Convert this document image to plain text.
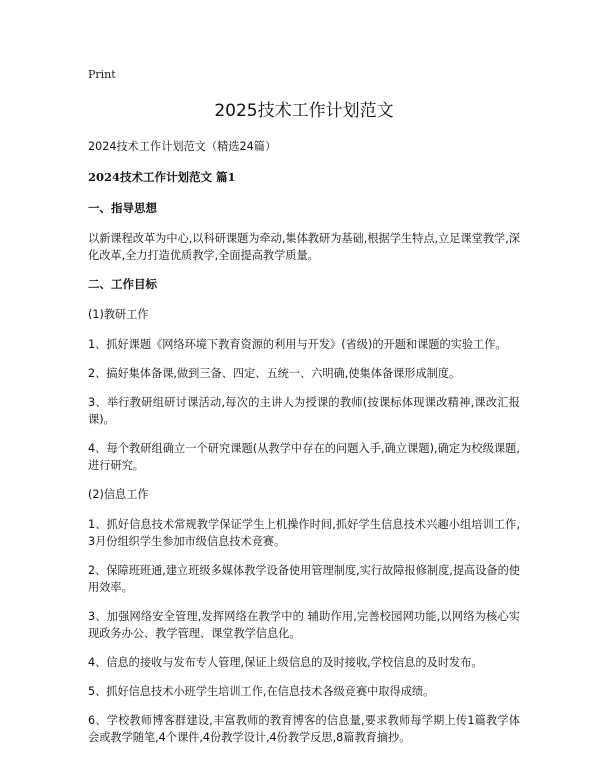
Print
2025技术工作计划范文

2024技术工作计划范文（精选24篇）

2024技术工作计划范文 篇1

一、指导思想

以新课程改革为中心,以科研课题为牵动,集体教研为基础,根据学生特点,立足课堂教学,深化改革,全力打造优质教学,全面提高教学质量。

二、工作目标

(1)教研工作

1、抓好课题《网络环境下教育资源的利用与开发》(省级)的开题和课题的实验工作。

2、搞好集体备课,做到三备、四定、五统一、六明确,使集体备课形成制度。

3、举行教研组研讨课活动,每次的主讲人为授课的教师(按课标体现课改精神,课改汇报课)。

4、每个教研组确立一个研究课题(从教学中存在的问题入手,确立课题),确定为校级课题,进行研究。

(2)信息工作

1、抓好信息技术常规教学保证学生上机操作时间,抓好学生信息技术兴趣小组培训工作,3月份组织学生参加市级信息技术竞赛。

2、保障班班通,建立班级多媒体教学设备使用管理制度,实行故障报修制度,提高设备的使用效率。

3、加强网络安全管理,发挥网络在教学中的 辅助作用,完善校园网功能,以网络为核心实现政务办公、教学管理、课堂教学信息化。

4、信息的接收与发布专人管理,保证上级信息的及时接收,学校信息的及时发布。

5、抓好信息技术小班学生培训工作,在信息技术各级竞赛中取得成绩。

6、学校教师博客群建设,丰富教师的教育博客的信息量,要求教师每学期上传1篇教学体会或教学随笔,4个课件,4份教学设计,4份教学反思,8篇教育摘抄。
